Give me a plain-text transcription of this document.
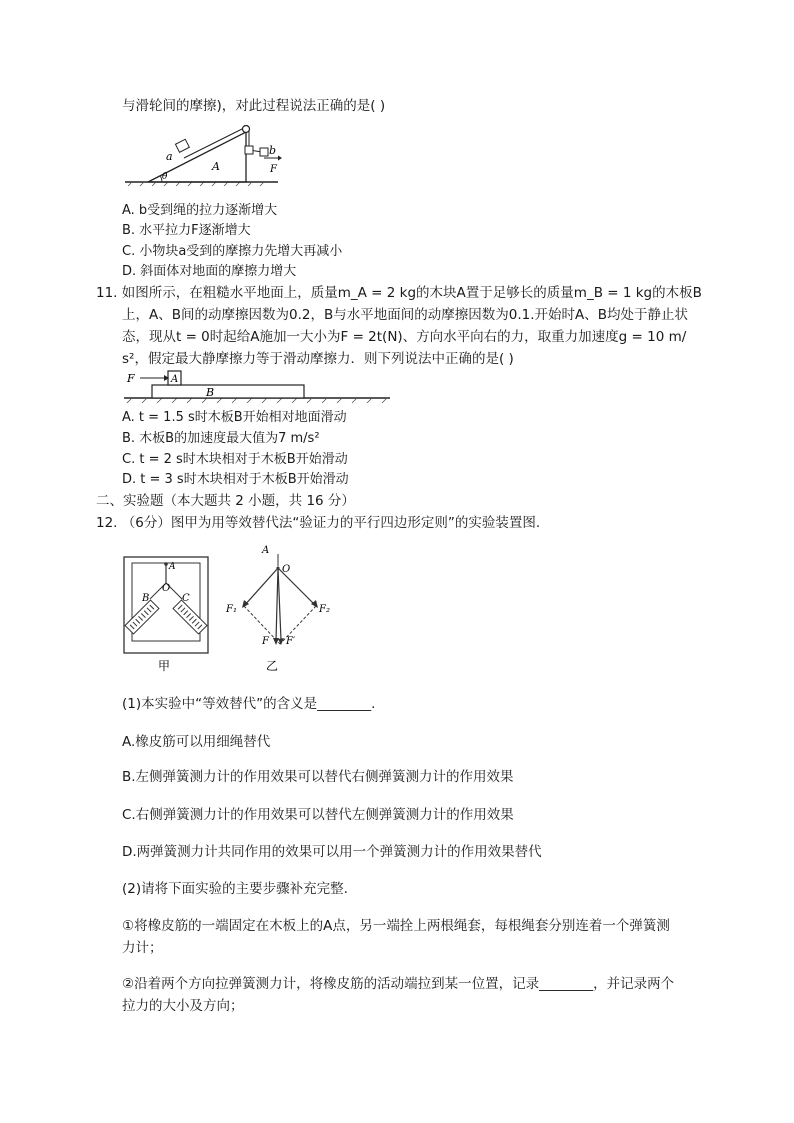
与滑轮间的摩擦)，对此过程说法正确的是( )
a
θ
A
b
F
A. b受到绳的拉力逐渐增大
B. 水平拉力F逐渐增大
C. 小物块a受到的摩擦力先增大再减小
D. 斜面体对地面的摩擦力增大
11. 如图所示，在粗糙水平地面上，质量m_A = 2 kg的木块A置于足够长的质量m_B = 1 kg的木板B
上，A、B间的动摩擦因数为0.2，B与水平地面间的动摩擦因数为0.1.开始时A、B均处于静止状
态，现从t = 0时起给A施加一大小为F = 2t(N)、方向水平向右的力，取重力加速度g = 10 m/
s²，假定最大静摩擦力等于滑动摩擦力．则下列说法中正确的是( )
F	A
B
A. t = 1.5 s时木板B开始相对地面滑动
B. 木板B的加速度最大值为7 m/s²
C. t = 2 s时木块相对于木板B开始滑动
D. t = 3 s时木块相对于木板B开始滑动
二、实验题（本大题共 2 小题，共 16 分）
12. （6分）图甲为用等效替代法“验证力的平行四边形定则”的实验装置图.
A
O
B	C
甲
A
O
F₁	F₂
F F′
乙
(1)本实验中“等效替代”的含义是________.
A.橡皮筋可以用细绳替代
B.左侧弹簧测力计的作用效果可以替代右侧弹簧测力计的作用效果
C.右侧弹簧测力计的作用效果可以替代左侧弹簧测力计的作用效果
D.两弹簧测力计共同作用的效果可以用一个弹簧测力计的作用效果替代
(2)请将下面实验的主要步骤补充完整.
①将橡皮筋的一端固定在木板上的A点，另一端拴上两根绳套，每根绳套分别连着一个弹簧测
力计；
②沿着两个方向拉弹簧测力计，将橡皮筋的活动端拉到某一位置，记录________，并记录两个
拉力的大小及方向；
